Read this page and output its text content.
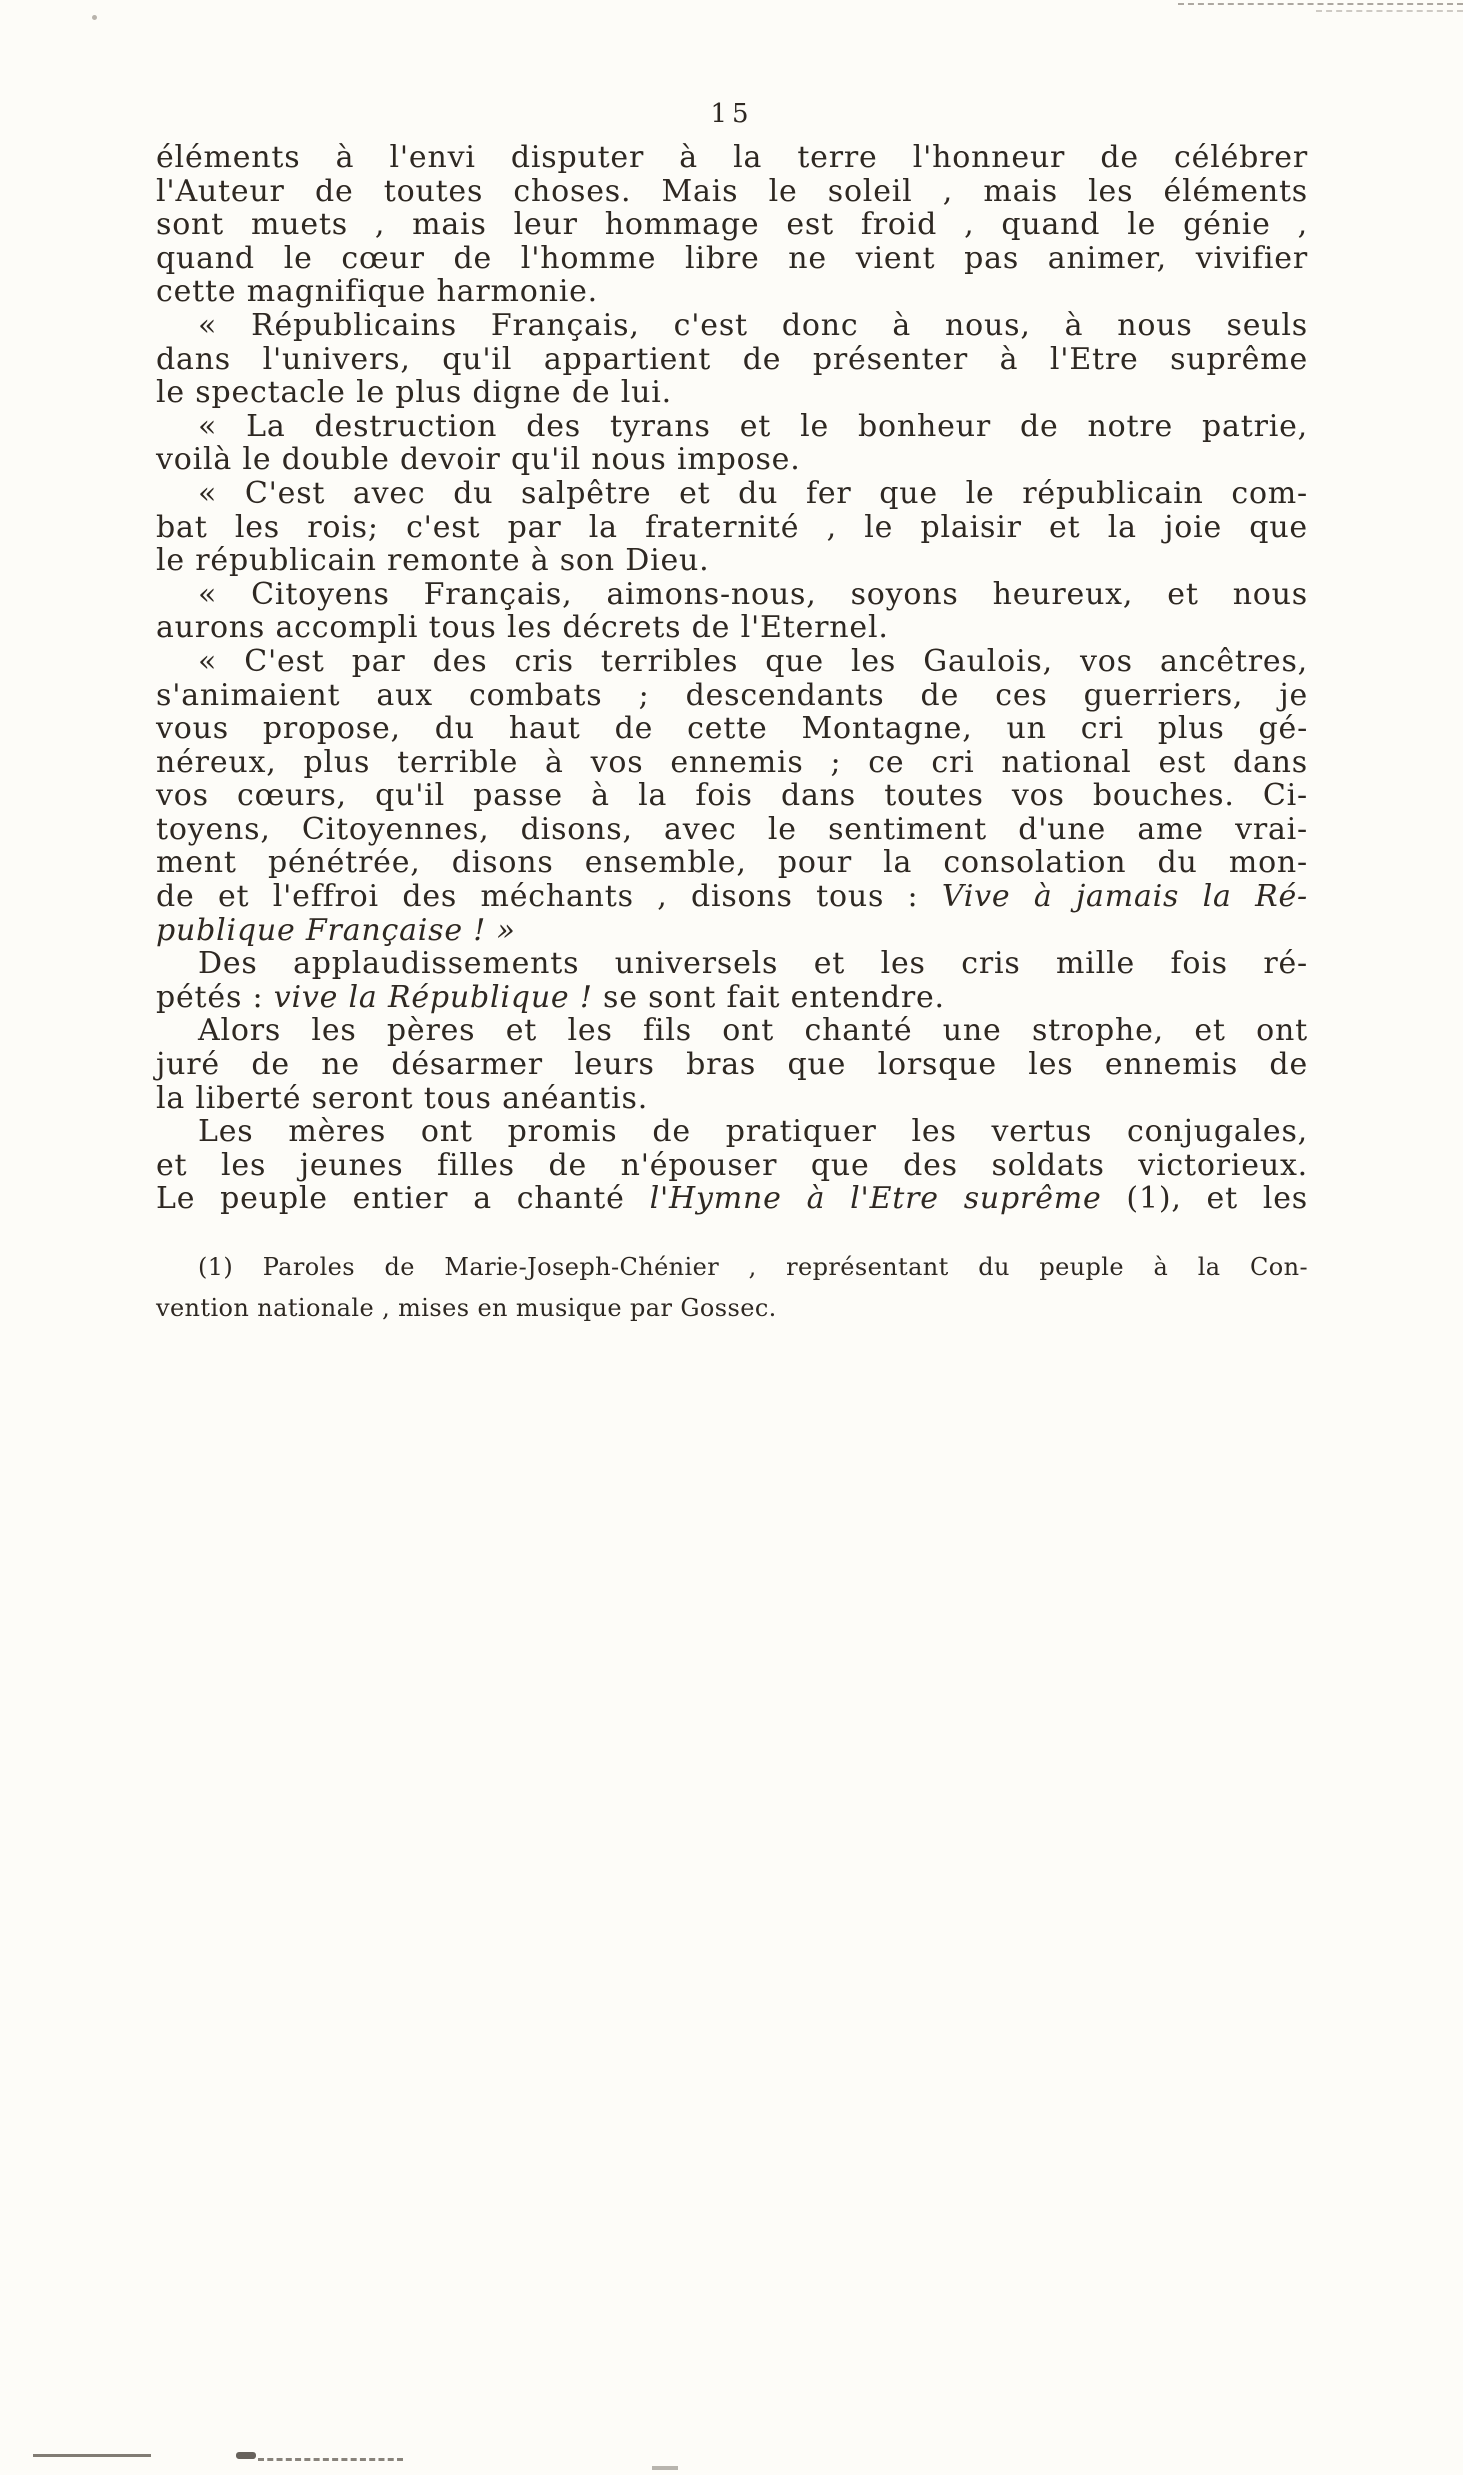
15
éléments à l'envi disputer à la terre l'honneur de célébrer
l'Auteur de toutes choses. Mais le soleil , mais les éléments
sont muets , mais leur hommage est froid , quand le génie ,
quand le cœur de l'homme libre ne vient pas animer, vivifier
cette magnifique harmonie.
« Républicains Français, c'est donc à nous, à nous seuls
dans l'univers, qu'il appartient de présenter à l'Etre suprême
le spectacle le plus digne de lui.
« La destruction des tyrans et le bonheur de notre patrie,
voilà le double devoir qu'il nous impose.
« C'est avec du salpêtre et du fer que le républicain com-
bat les rois; c'est par la fraternité , le plaisir et la joie que
le républicain remonte à son Dieu.
« Citoyens Français, aimons-nous, soyons heureux, et nous
aurons accompli tous les décrets de l'Eternel.
« C'est par des cris terribles que les Gaulois, vos ancêtres,
s'animaient aux combats ; descendants de ces guerriers, je
vous propose, du haut de cette Montagne, un cri plus gé-
néreux, plus terrible à vos ennemis ; ce cri national est dans
vos cœurs, qu'il passe à la fois dans toutes vos bouches. Ci-
toyens, Citoyennes, disons, avec le sentiment d'une ame vrai-
ment pénétrée, disons ensemble, pour la consolation du mon-
de et l'effroi des méchants , disons tous : Vive à jamais la Ré-
publique Française ! »
Des applaudissements universels et les cris mille fois ré-
pétés : vive la République ! se sont fait entendre.
Alors les pères et les fils ont chanté une strophe, et ont
juré de ne désarmer leurs bras que lorsque les ennemis de
la liberté seront tous anéantis.
Les mères ont promis de pratiquer les vertus conjugales,
et les jeunes filles de n'épouser que des soldats victorieux.
Le peuple entier a chanté l'Hymne à l'Etre suprême (1), et les
(1) Paroles de Marie-Joseph-Chénier , représentant du peuple à la Con-
vention nationale , mises en musique par Gossec.
